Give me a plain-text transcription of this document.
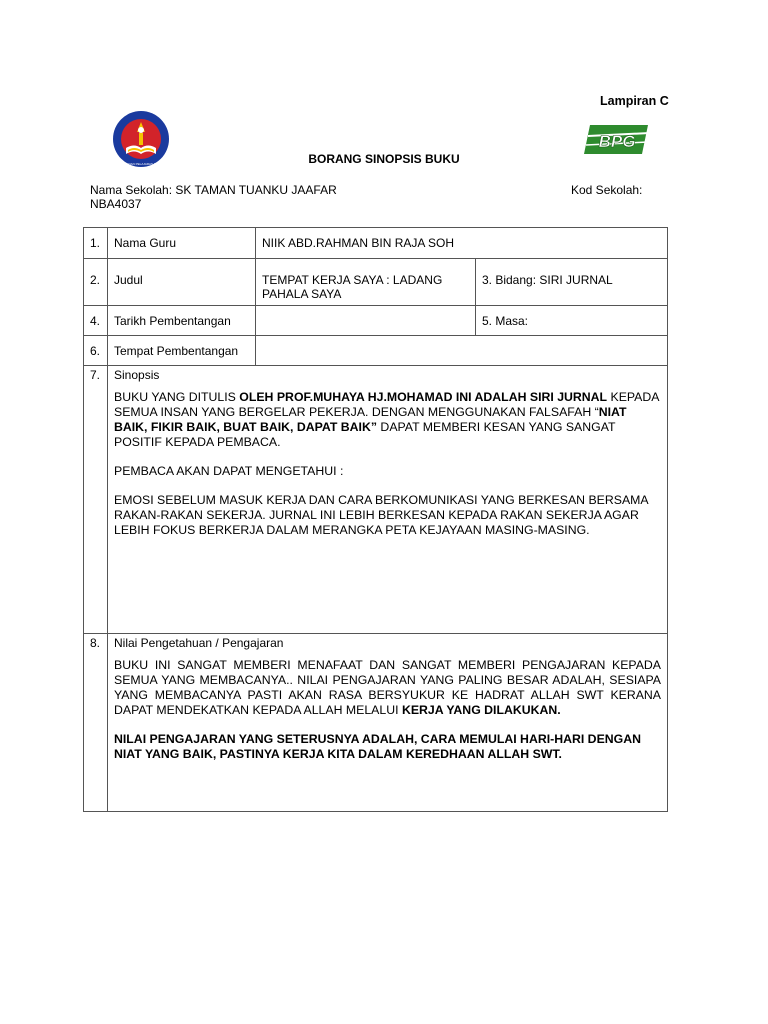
Lampiran C
KEMENTERIAN PELAJARAN MALAYSIA
BPG
BORANG SINOPSIS BUKU
Nama Sekolah: SK TAMAN TUANKU JAAFAR
NBA4037
Kod Sekolah:
1.	Nama Guru	NIIK ABD.RAHMAN BIN RAJA SOH	
2.	Judul	TEMPAT KERJA SAYA : LADANG PAHALA SAYA	3. Bidang: SIRI JURNAL
4.	Tarikh Pembentangan		5. Masa:
6.	Tempat Pembentangan		
7.	Sinopsis

BUKU YANG DITULIS OLEH PROF.MUHAYA HJ.MOHAMAD INI ADALAH SIRI JURNAL KEPADA SEMUA INSAN YANG BERGELAR PEKERJA. DENGAN MENGGUNAKAN FALSAFAH “NIAT BAIK, FIKIR BAIK, BUAT BAIK, DAPAT BAIK” DAPAT MEMBERI KESAN YANG SANGAT POSITIF KEPADA PEMBACA.

PEMBACA AKAN DAPAT MENGETAHUI :

EMOSI SEBELUM MASUK KERJA DAN CARA BERKOMUNIKASI YANG BERKESAN BERSAMA RAKAN-RAKAN SEKERJA. JURNAL INI LEBIH BERKESAN KEPADA RAKAN SEKERJA AGAR LEBIH FOKUS BERKERJA DALAM MERANGKA PETA KEJAYAAN MASING-MASING.		

8.	Nilai Pengetahuan / Pengajaran

BUKU INI SANGAT MEMBERI MENAFAAT DAN SANGAT MEMBERI PENGAJARAN KEPADA SEMUA YANG MEMBACANYA.. NILAI PENGAJARAN YANG PALING BESAR ADALAH, SESIAPA YANG MEMBACANYA PASTI AKAN RASA BERSYUKUR KE HADRAT ALLAH SWT KERANA DAPAT MENDEKATKAN KEPADA ALLAH MELALUI KERJA YANG DILAKUKAN.

NILAI PENGAJARAN YANG SETERUSNYA ADALAH, CARA MEMULAI HARI-HARI DENGAN NIAT YANG BAIK, PASTINYA KERJA KITA DALAM KEREDHAAN ALLAH SWT.		
